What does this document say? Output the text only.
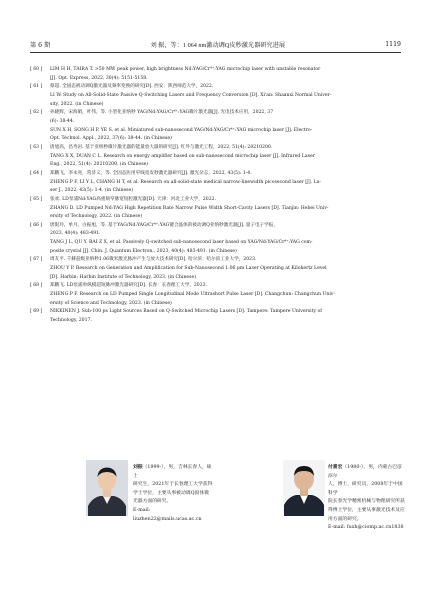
第 6 期	刘 振，等：1 064 nm激动调Q皮秒激光器研究进展	1119
[ 60 ] LIM H H, TAIRA T. >50 MW peak power, high brightness Nd:YAG/Cr⁴⁺:YAG microchip laser with unstable resonator
[J]. Opt. Express, 2022, 30(4): 5151-5158.
[ 61 ] 蔡超. 全固态被动调Q激光器及频率变换的研究[D]. 西安：陕西师范大学，2022.
LI W. Study on All-Solid-State Passive Q-Switching Lasers and Frequency Conversion [D]. Xi'an: Shaanxi Normal Univer-
sity, 2022. (in Chinese)
[ 62 ] 孙晓辉，宋海娟，叶伟，等. 小型化亚纳秒 YAG/Nd:YAG/Cr⁴⁺:YAG微片激光器[J]. 光电技术应用，2022, 37
(6): 38-44.
SUN X H, SONG H P, YE S, et al. Miniatured sub-nanosecond YAG/Nd:YAG/Cr⁴⁺:YAG microchip laser [J]. Electro-
Opt. Technol. Appl., 2022, 37(6): 38-44. (in Chinese)
[ 63 ] 唐旭高，昌寿岩. 基于亚纳秒微片激光器的能量放大器的研究[J]. 红外与激光工程，2022, 51(4): 20210200.
TANG X X, DUAN C L. Research on energy amplifier based on sub-nanosecond microchip laser [J]. Infrared Laser
Eng., 2022, 51(4): 20210200. (in Chinese)
[ 64 ] 郑鹏飞，李永亮，常济义，等. 全固态医用窄线宽皮秒激光器研究[J]. 激光杂志，2022, 43(5): 1-4.
ZHENG P F, LI Y L, CHANG H T, et al. Research on all-solid-state medical narrow-linewidth picosecond laser [J]. La-
ser J., 2022, 43(5): 1-4. (in Chinese)
[ 65 ] 张欢. LD泵浦Nd:YAG高重频窄脉宽短腔激光器[D]. 天津：河北工业大学，2022.
ZHANG D. LD Pumped Nd:YAG High Repetition Rate Narrow Pulse Width Short-Cavity Lasers [D]. Tianjin: Hebei Univ-
ersity of Technology, 2022. (in Chinese)
[ 66 ] 唐银玲，单月，白振旭，等. 基于YAG/Nd:YAG/Cr⁴⁺:YAG键合晶体的被动调Q亚纳秒激光器[J]. 量子电子学报，
2023, 40(4): 483-491.
TANG J L, QU Y, BAI Z X, et al. Passively Q-switched sub-nanosecond laser based on YAG/Nd:YAG/Cr⁴⁺:YAG com-
posite crystal [J]. Chin. J. Quantum Electron., 2023, 40(4): 483-491. (in Chinese)
[ 67 ] 周友平. 千赫兹级亚纳秒1.06微米激光脉冲产生与放大技术研究[D]. 哈尔滨：哈尔滨工业大学，2023.
ZHOU Y P. Research on Generation and Amplification for Sub-Nanosecond 1.06 μm Laser Operating at Kilohertz Level
[D]. Harbin: Harbin Institute of Technology, 2023. (in Chinese)
[ 68 ] 郑鹏飞. LD泵浦单纵模超短脉冲激光器研究[D]. 长春：长春理工大学，2023.
ZHENG P F. Research on LD Pumped Single Longitudinal Mode Ultrashort Pulse Laser [D]. Changchun: Changchun Univ-
ersity of Science and Technology, 2023. (in Chinese)
[ 69 ] NIKKINEN J. Sub-100 ps Light Sources Based on Q-Switched Microchip Lasers [D]. Tampere: Tampere University of
Technology, 2017.
刘振（1999-），男，吉林长春人，硕士
研究生，2021年于长春理工大学获得
学士学位，主要从事被动调Q固体微
光器方面的研究。
E-mail: liuzhen22@mails.ucas.ac.cn
付喜宏（1980-），男，内蒙古巴彦淖尔
人，博士，研究员，2008年于中国科学
院长春光学精密机械与物理研究所获
得博士学位，主要从事激光技术及应
用方面的研究。
E-mail: fuxh@ciomp.ac.cn1838
